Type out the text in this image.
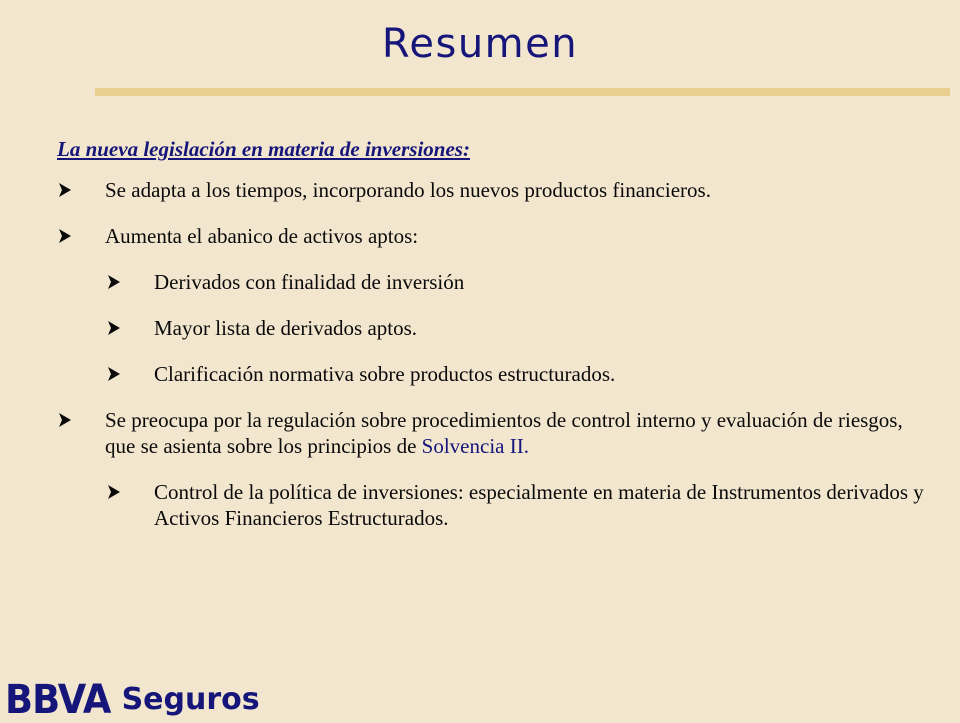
Resumen
La nueva legislación en materia de inversiones:
Se adapta a los tiempos, incorporando los nuevos productos financieros.
Aumenta el abanico de activos aptos:
Derivados con finalidad de inversión
Mayor lista de derivados aptos.
Clarificación normativa sobre productos estructurados.
Se preocupa por la regulación sobre procedimientos de control interno y evaluación de riesgos, que se asienta sobre los principios de Solvencia II.
Control de la política de inversiones: especialmente en materia de Instrumentos derivados y Activos Financieros Estructurados.
BBVA Seguros
